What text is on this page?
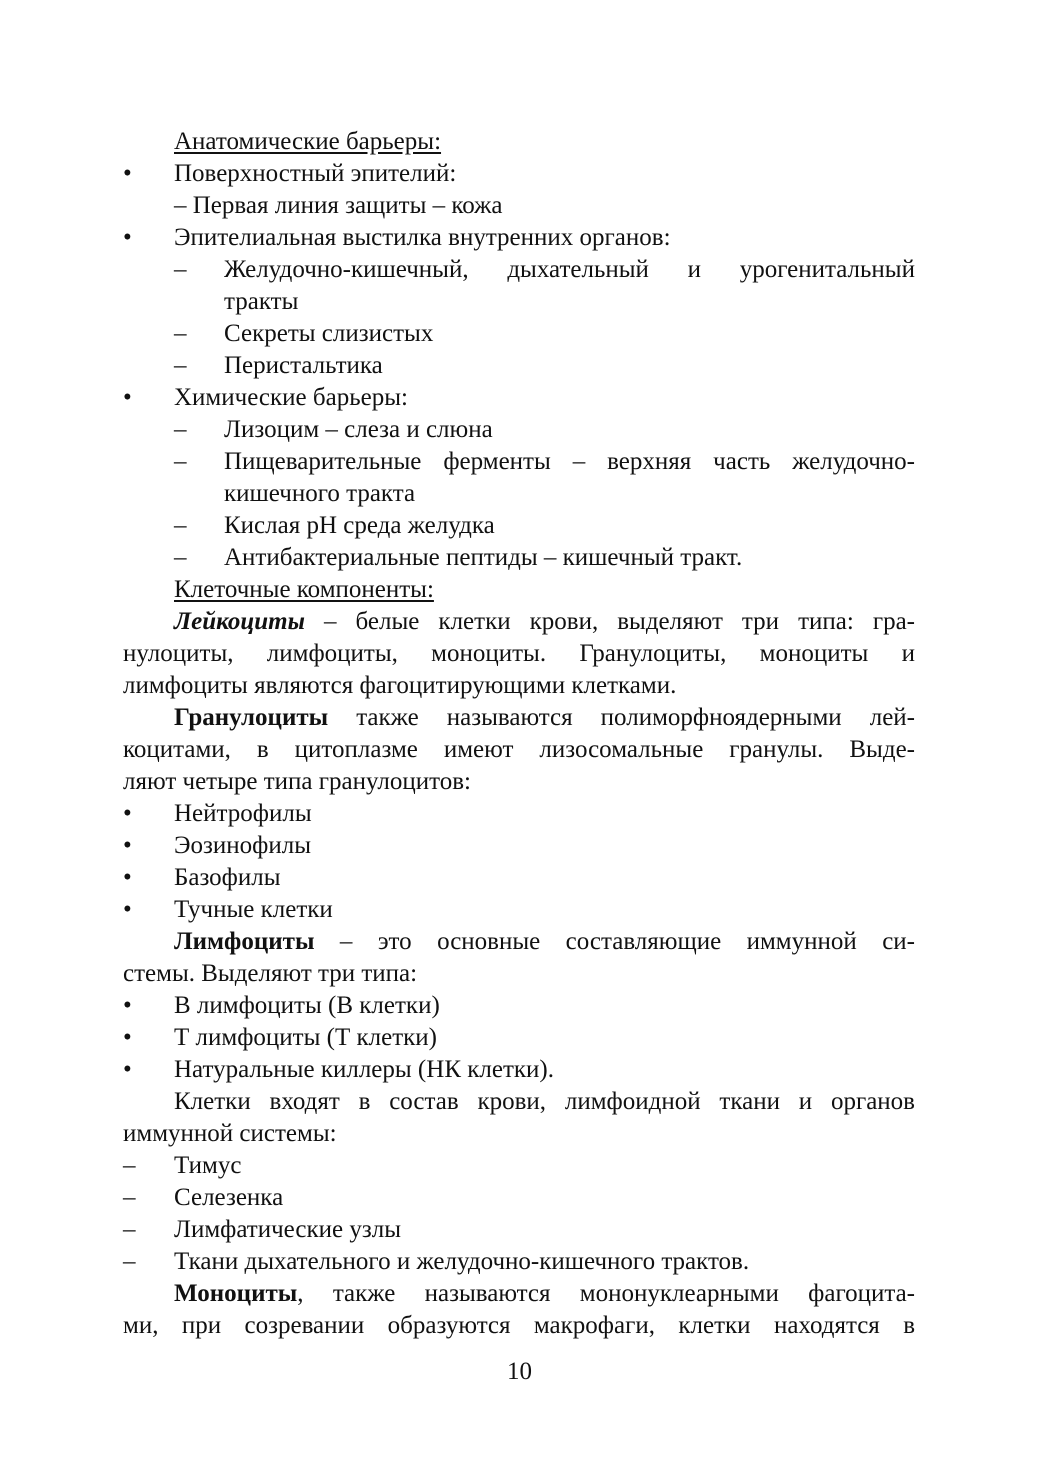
Анатомические барьеры:
• Поверхностный эпителий:
– Первая линия защиты – кожа
• Эпителиальная выстилка внутренних органов:
– Желудочно-кишечный, дыхательный и урогенитальный
тракты
– Секреты слизистых
– Перистальтика
• Химические барьеры:
– Лизоцим – слеза и слюна
– Пищеварительные ферменты – верхняя часть желудочно-
кишечного тракта
– Кислая рН среда желудка
– Антибактериальные пептиды – кишечный тракт.
Клеточные компоненты:
Лейкоциты – белые клетки крови, выделяют три типа: гра-
нулоциты, лимфоциты, моноциты. Гранулоциты, моноциты и
лимфоциты являются фагоцитирующими клетками.
Гранулоциты также называются полиморфноядерными лей-
коцитами, в цитоплазме имеют лизосомальные гранулы. Выде-
ляют четыре типа гранулоцитов:
• Нейтрофилы
• Эозинофилы
• Базофилы
• Тучные клетки
Лимфоциты – это основные составляющие иммунной си-
стемы. Выделяют три типа:
• В лимфоциты (В клетки)
• Т лимфоциты (Т клетки)
• Натуральные киллеры (НК клетки).
Клетки входят в состав крови, лимфоидной ткани и органов
иммунной системы:
– Тимус
– Селезенка
– Лимфатические узлы
– Ткани дыхательного и желудочно-кишечного трактов.
Моноциты, также называются мононуклеарными фагоцита-
ми, при созревании образуются макрофаги, клетки находятся в
10
